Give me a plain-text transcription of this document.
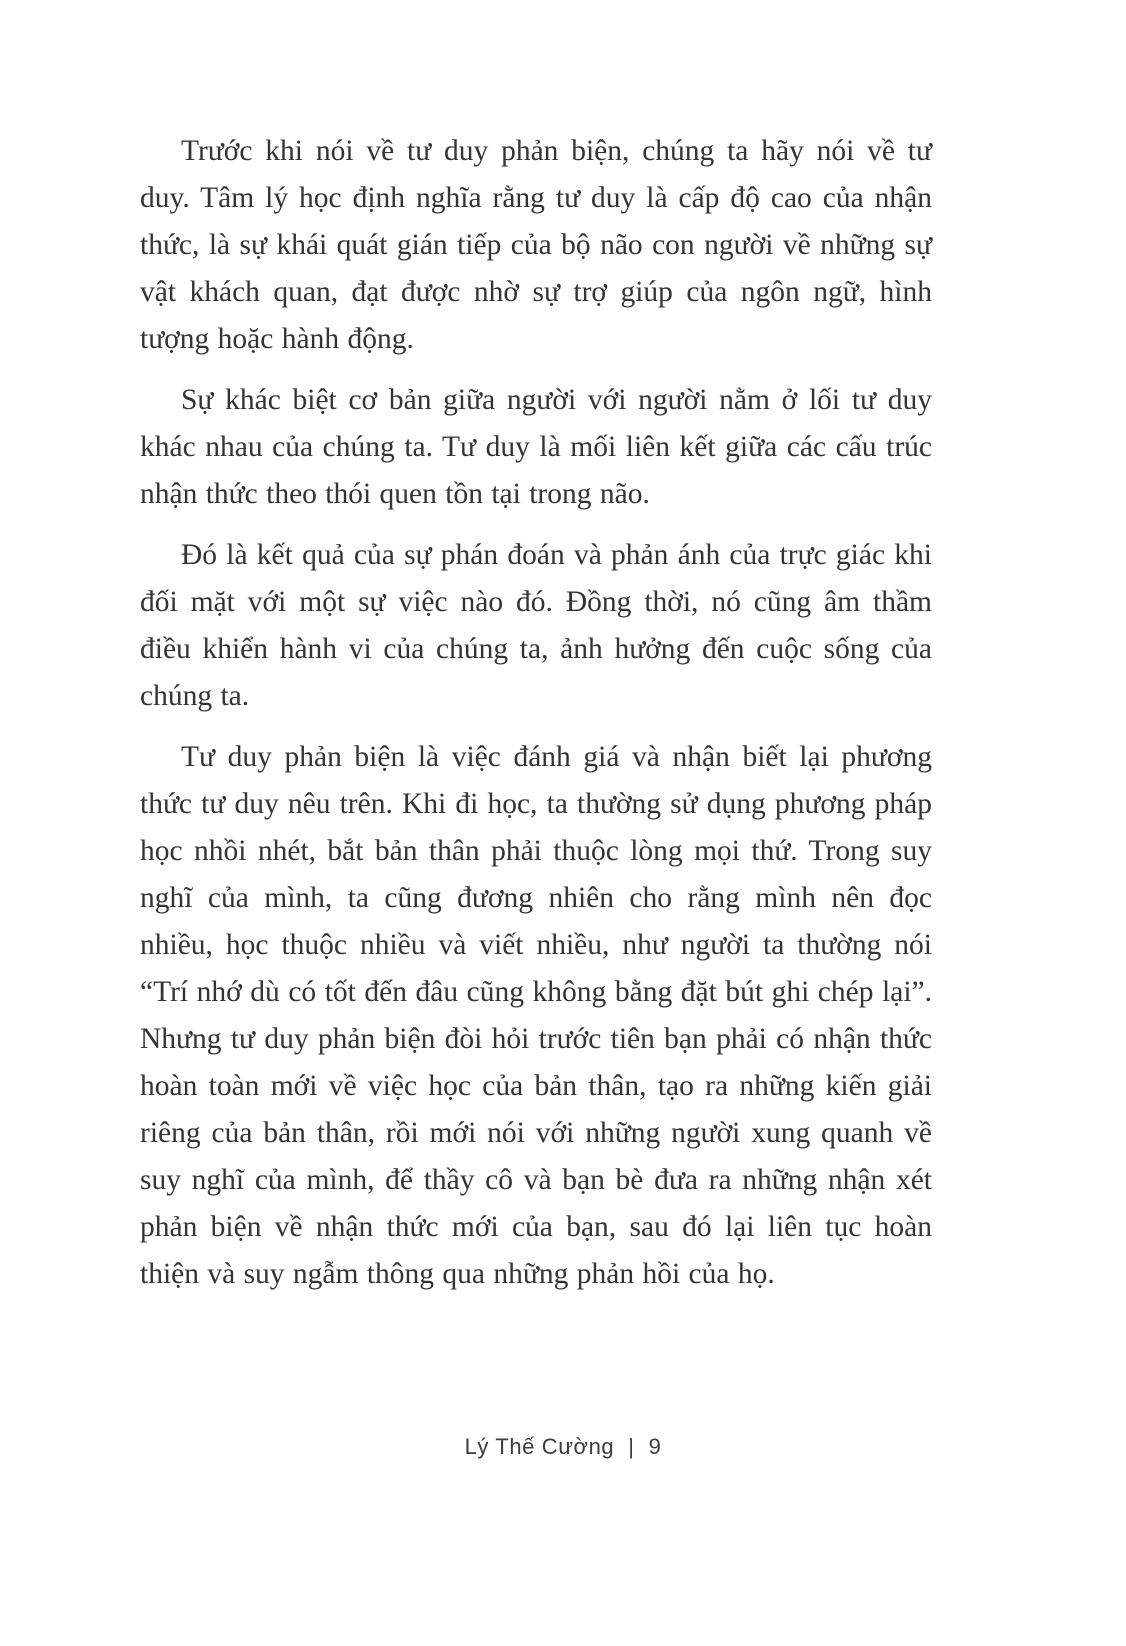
Trước khi nói về tư duy phản biện, chúng ta hãy nói về tư duy. Tâm lý học định nghĩa rằng tư duy là cấp độ cao của nhận thức, là sự khái quát gián tiếp của bộ não con người về những sự vật khách quan, đạt được nhờ sự trợ giúp của ngôn ngữ, hình tượng hoặc hành động.

Sự khác biệt cơ bản giữa người với người nằm ở lối tư duy khác nhau của chúng ta. Tư duy là mối liên kết giữa các cấu trúc nhận thức theo thói quen tồn tại trong não.

Đó là kết quả của sự phán đoán và phản ánh của trực giác khi đối mặt với một sự việc nào đó. Đồng thời, nó cũng âm thầm điều khiển hành vi của chúng ta, ảnh hưởng đến cuộc sống của chúng ta.

Tư duy phản biện là việc đánh giá và nhận biết lại phương thức tư duy nêu trên. Khi đi học, ta thường sử dụng phương pháp học nhồi nhét, bắt bản thân phải thuộc lòng mọi thứ. Trong suy nghĩ của mình, ta cũng đương nhiên cho rằng mình nên đọc nhiều, học thuộc nhiều và viết nhiều, như người ta thường nói “Trí nhớ dù có tốt đến đâu cũng không bằng đặt bút ghi chép lại”. Nhưng tư duy phản biện đòi hỏi trước tiên bạn phải có nhận thức hoàn toàn mới về việc học của bản thân, tạo ra những kiến giải riêng của bản thân, rồi mới nói với những người xung quanh về suy nghĩ của mình, để thầy cô và bạn bè đưa ra những nhận xét phản biện về nhận thức mới của bạn, sau đó lại liên tục hoàn thiện và suy ngẫm thông qua những phản hồi của họ.

Lý Thế Cường | 9
